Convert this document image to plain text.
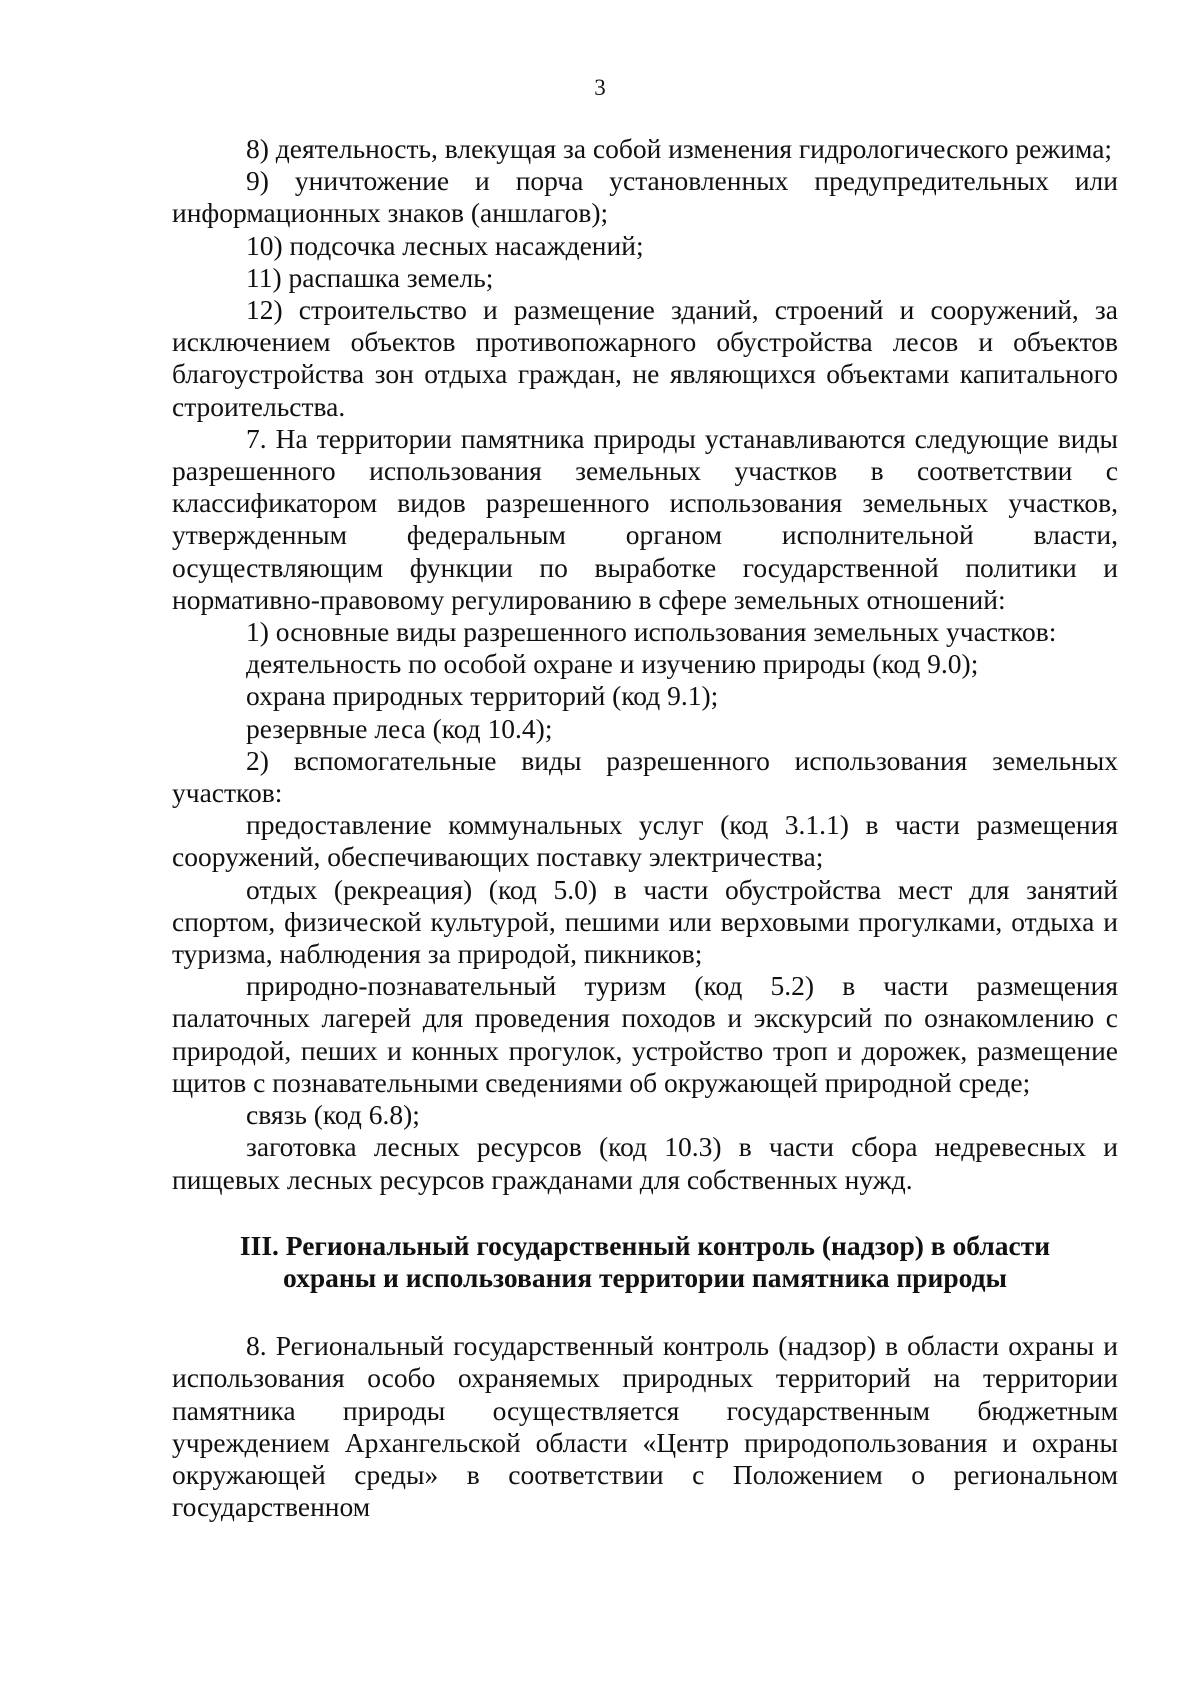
3

8) деятельность, влекущая за собой изменения гидрологического режима;

9) уничтожение и порча установленных предупредительных или информационных знаков (аншлагов);

10) подсочка лесных насаждений;

11) распашка земель;

12) строительство и размещение зданий, строений и сооружений, за исключением объектов противопожарного обустройства лесов и объектов благоустройства зон отдыха граждан, не являющихся объектами капитального строительства.

7. На территории памятника природы устанавливаются следующие виды разрешенного использования земельных участков в соответствии с классификатором видов разрешенного использования земельных участков, утвержденным федеральным органом исполнительной власти, осуществляющим функции по выработке государственной политики и нормативно-правовому регулированию в сфере земельных отношений:

1) основные виды разрешенного использования земельных участков:

деятельность по особой охране и изучению природы (код 9.0);

охрана природных территорий (код 9.1);

резервные леса (код 10.4);

2) вспомогательные виды разрешенного использования земельных участков:

предоставление коммунальных услуг (код 3.1.1) в части размещения сооружений, обеспечивающих поставку электричества;

отдых (рекреация) (код 5.0) в части обустройства мест для занятий спортом, физической культурой, пешими или верховыми прогулками, отдыха и туризма, наблюдения за природой, пикников;

природно-познавательный туризм (код 5.2) в части размещения палаточных лагерей для проведения походов и экскурсий по ознакомлению с природой, пеших и конных прогулок, устройство троп и дорожек, размещение щитов с познавательными сведениями об окружающей природной среде;

связь (код 6.8);

заготовка лесных ресурсов (код 10.3) в части сбора недревесных и пищевых лесных ресурсов гражданами для собственных нужд.

III. Региональный государственный контроль (надзор) в области
охраны и использования территории памятника природы

8. Региональный государственный контроль (надзор) в области охраны и использования особо охраняемых природных территорий на территории памятника природы осуществляется государственным бюджетным учреждением Архангельской области «Центр природопользования и охраны окружающей среды» в соответствии с Положением о региональном государственном
